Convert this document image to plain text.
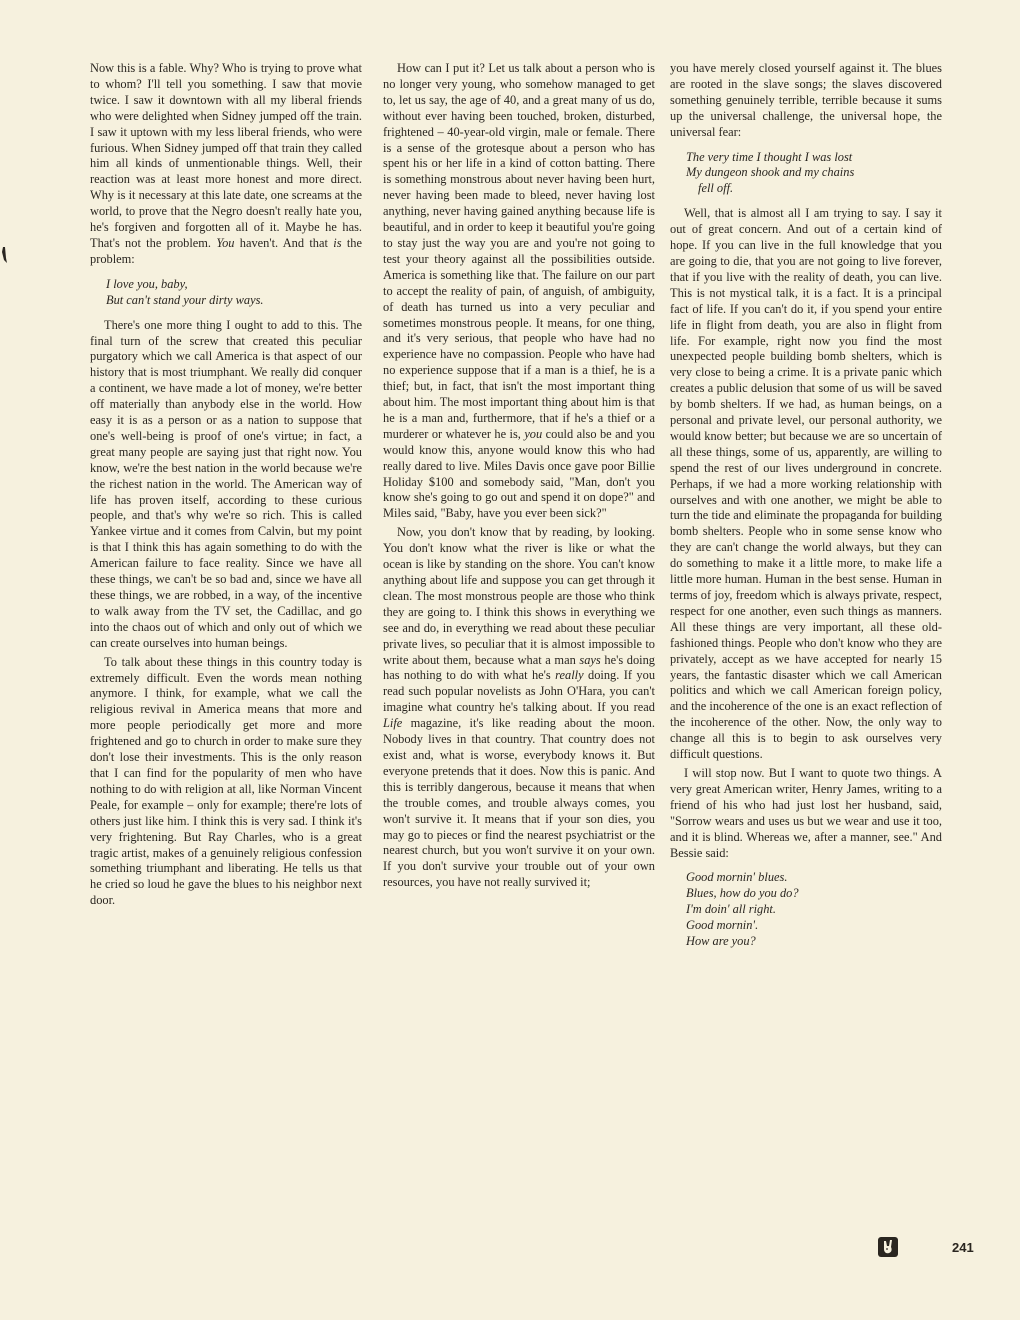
Now this is a fable. Why? Who is trying to prove what to whom? I'll tell you something. I saw that movie twice. I saw it downtown with all my liberal friends who were delighted when Sidney jumped off the train. I saw it uptown with my less liberal friends, who were furious. When Sidney jumped off that train they called him all kinds of unmentionable things. Well, their reaction was at least more honest and more direct. Why is it necessary at this late date, one screams at the world, to prove that the Negro doesn't really hate you, he's forgiven and forgotten all of it. Maybe he has. That's not the problem. You haven't. And that is the problem:

I love you, baby,
But can't stand your dirty ways.

There's one more thing I ought to add to this. The final turn of the screw that created this peculiar purgatory which we call America is that aspect of our history that is most triumphant. We really did conquer a continent, we have made a lot of money, we're better off materially than anybody else in the world. How easy it is as a person or as a nation to suppose that one's well-being is proof of one's virtue; in fact, a great many people are saying just that right now. You know, we're the best nation in the world because we're the richest nation in the world. The American way of life has proven itself, according to these curious people, and that's why we're so rich. This is called Yankee virtue and it comes from Calvin, but my point is that I think this has again something to do with the American failure to face reality. Since we have all these things, we can't be so bad and, since we have all these things, we are robbed, in a way, of the incentive to walk away from the TV set, the Cadillac, and go into the chaos out of which and only out of which we can create ourselves into human beings.

To talk about these things in this country today is extremely difficult. Even the words mean nothing anymore. I think, for example, what we call the religious revival in America means that more and more people periodically get more and more frightened and go to church in order to make sure they don't lose their investments. This is the only reason that I can find for the popularity of men who have nothing to do with religion at all, like Norman Vincent Peale, for example – only for example; there're lots of others just like him. I think this is very sad. I think it's very frightening. But Ray Charles, who is a great tragic artist, makes of a genuinely religious confession something triumphant and liberating. He tells us that he cried so loud he gave the blues to his neighbor next door.

How can I put it? Let us talk about a person who is no longer very young, who somehow managed to get to, let us say, the age of 40, and a great many of us do, without ever having been touched, broken, disturbed, frightened – 40-year-old virgin, male or female. There is a sense of the grotesque about a person who has spent his or her life in a kind of cotton batting. There is something monstrous about never having been hurt, never having been made to bleed, never having lost anything, never having gained anything because life is beautiful, and in order to keep it beautiful you're going to stay just the way you are and you're not going to test your theory against all the possibilities outside. America is something like that. The failure on our part to accept the reality of pain, of anguish, of ambiguity, of death has turned us into a very peculiar and sometimes monstrous people. It means, for one thing, and it's very serious, that people who have had no experience have no compassion. People who have had no experience suppose that if a man is a thief, he is a thief; but, in fact, that isn't the most important thing about him. The most important thing about him is that he is a man and, furthermore, that if he's a thief or a murderer or whatever he is, you could also be and you would know this, anyone would know this who had really dared to live. Miles Davis once gave poor Billie Holiday $100 and somebody said, "Man, don't you know she's going to go out and spend it on dope?" and Miles said, "Baby, have you ever been sick?"

Now, you don't know that by reading, by looking. You don't know what the river is like or what the ocean is like by standing on the shore. You can't know anything about life and suppose you can get through it clean. The most monstrous people are those who think they are going to. I think this shows in everything we see and do, in everything we read about these peculiar private lives, so peculiar that it is almost impossible to write about them, because what a man says he's doing has nothing to do with what he's really doing. If you read such popular novelists as John O'Hara, you can't imagine what country he's talking about. If you read Life magazine, it's like reading about the moon. Nobody lives in that country. That country does not exist and, what is worse, everybody knows it. But everyone pretends that it does. Now this is panic. And this is terribly dangerous, because it means that when the trouble comes, and trouble always comes, you won't survive it. It means that if your son dies, you may go to pieces or find the nearest psychiatrist or the nearest church, but you won't survive it on your own. If you don't survive your trouble out of your own resources, you have not really survived it;

you have merely closed yourself against it. The blues are rooted in the slave songs; the slaves discovered something genuinely terrible, terrible because it sums up the universal challenge, the universal hope, the universal fear:

The very time I thought I was lost
My dungeon shook and my chains
fell off.

Well, that is almost all I am trying to say. I say it out of great concern. And out of a certain kind of hope. If you can live in the full knowledge that you are going to die, that you are not going to live forever, that if you live with the reality of death, you can live. This is not mystical talk, it is a fact. It is a principal fact of life. If you can't do it, if you spend your entire life in flight from death, you are also in flight from life. For example, right now you find the most unexpected people building bomb shelters, which is very close to being a crime. It is a private panic which creates a public delusion that some of us will be saved by bomb shelters. If we had, as human beings, on a personal and private level, our personal authority, we would know better; but because we are so uncertain of all these things, some of us, apparently, are willing to spend the rest of our lives underground in concrete. Perhaps, if we had a more working relationship with ourselves and with one another, we might be able to turn the tide and eliminate the propaganda for building bomb shelters. People who in some sense know who they are can't change the world always, but they can do something to make it a little more, to make life a little more human. Human in the best sense. Human in terms of joy, freedom which is always private, respect, respect for one another, even such things as manners. All these things are very important, all these old-fashioned things. People who don't know who they are privately, accept as we have accepted for nearly 15 years, the fantastic disaster which we call American politics and which we call American foreign policy, and the incoherence of the one is an exact reflection of the incoherence of the other. Now, the only way to change all this is to begin to ask ourselves very difficult questions.

I will stop now. But I want to quote two things. A very great American writer, Henry James, writing to a friend of his who had just lost her husband, said, "Sorrow wears and uses us but we wear and use it too, and it is blind. Whereas we, after a manner, see." And Bessie said:

Good mornin' blues.
Blues, how do you do?
I'm doin' all right.
Good mornin'.
How are you?
241
